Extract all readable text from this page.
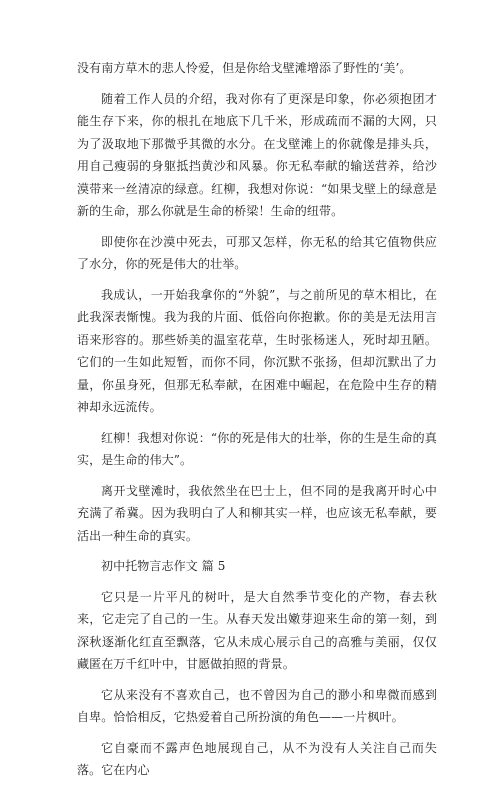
没有南方草木的悲人怜爱，但是你给戈壁滩增添了野性的‘美’。

随着工作人员的介绍，我对你有了更深是印象，你必须抱团才能生存下来，你的根扎在地底下几千米，形成疏而不漏的大网，只为了汲取地下那微乎其微的水分。在戈壁滩上的你就像是排头兵，用自己瘦弱的身躯抵挡黄沙和风暴。你无私奉献的输送营养，给沙漠带来一丝清凉的绿意。红柳，我想对你说：“如果戈壁上的绿意是新的生命，那么你就是生命的桥梁！生命的纽带。

即使你在沙漠中死去，可那又怎样，你无私的给其它值物供应了水分，你的死是伟大的壮举。

我成认，一开始我拿你的“外貌”，与之前所见的草木相比，在此我深表惭愧。我为我的片面、低俗向你抱歉。你的美是无法用言语来形容的。那些娇美的温室花草，生时张杨迷人，死时却丑陋。它们的一生如此短暂，而你不同，你沉默不张扬，但却沉默出了力量，你虽身死，但那无私奉献，在困难中崛起，在危险中生存的精神却永远流传。

红柳！我想对你说：“你的死是伟大的壮举，你的生是生命的真实，是生命的伟大”。

离开戈壁滩时，我依然坐在巴士上，但不同的是我离开时心中充满了希冀。因为我明白了人和柳其实一样，也应该无私奉献，要活出一种生命的真实。

初中托物言志作文 篇 5

它只是一片平凡的树叶，是大自然季节变化的产物，春去秋来，它走完了自己的一生。从春天发出嫩芽迎来生命的第一刻，到深秋逐渐化红直至飘落，它从未成心展示自己的高雅与美丽，仅仅藏匿在万千红叶中，甘愿做拍照的背景。

它从来没有不喜欢自己，也不曾因为自己的渺小和卑微而感到自卑。恰恰相反，它热爱着自己所扮演的角色——一片枫叶。

它自豪而不露声色地展现自己，从不为没有人关注自己而失落。它在内心
